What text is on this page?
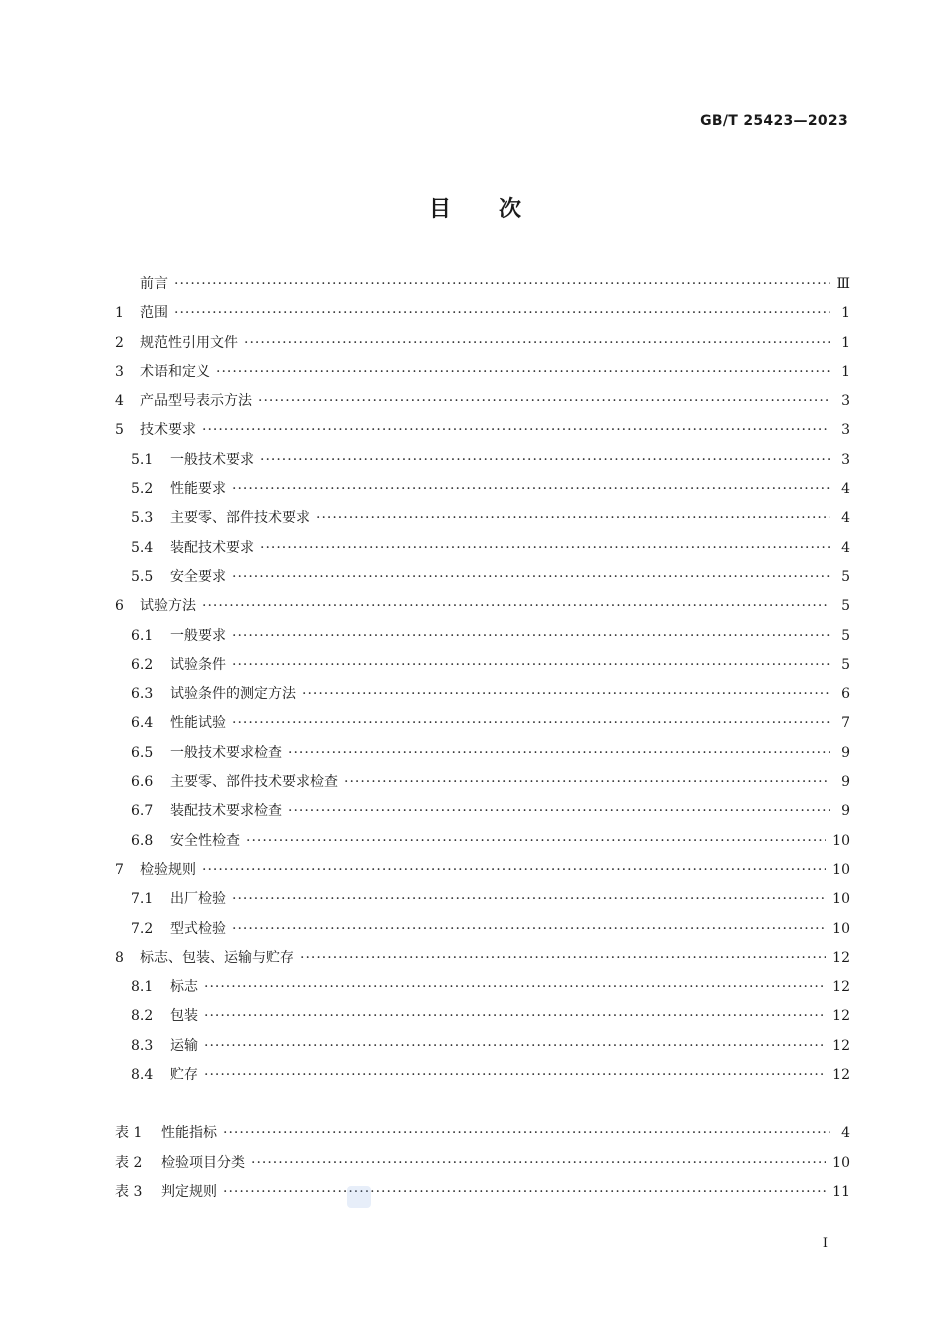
GB/T 25423—2023
目次
前言 ·····	Ⅲ
1	范围 ·····	1
2	规范性引用文件 ·····	1
3	术语和定义 ·····	1
4	产品型号表示方法 ·····	3
5	技术要求 ·····	3
5.1	一般技术要求 ·····	3
5.2	性能要求 ·····	4
5.3	主要零、部件技术要求 ·····	4
5.4	装配技术要求 ·····	4
5.5	安全要求 ·····	5
6	试验方法 ·····	5
6.1	一般要求 ·····	5
6.2	试验条件 ·····	5
6.3	试验条件的测定方法 ·····	6
6.4	性能试验 ·····	7
6.5	一般技术要求检查 ·····	9
6.6	主要零、部件技术要求检查 ·····	9
6.7	装配技术要求检查 ·····	9
6.8	安全性检查 ·····	10
7	检验规则 ·····	10
7.1	出厂检验 ·····	10
7.2	型式检验 ·····	10
8	标志、包装、运输与贮存 ·····	12
8.1	标志 ·····	12
8.2	包装 ·····	12
8.3	运输 ·····	12
8.4	贮存 ·····	12
表 1	性能指标 ·····	4
表 2	检验项目分类 ·····	10
表 3	判定规则 ·····	11
I
